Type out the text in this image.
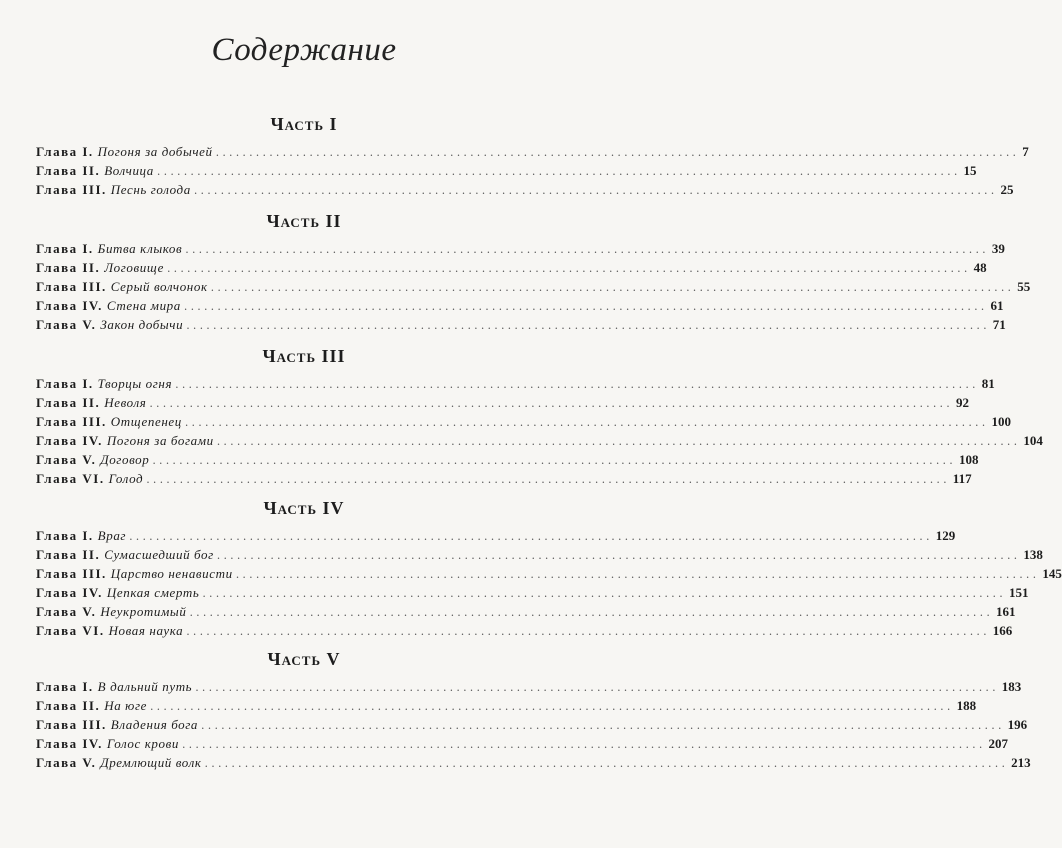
Содержание
Часть I
Глава I. Погоня за добычей ........................................................................................................................ 7
Глава II. Волчица ........................................................................................................................ 15
Глава III. Песнь голода ........................................................................................................................ 25
Часть II
Глава I. Битва клыков ........................................................................................................................ 39
Глава II. Логовище ........................................................................................................................ 48
Глава III. Серый волчонок ........................................................................................................................ 55
Глава IV. Стена мира ........................................................................................................................ 61
Глава V. Закон добычи ........................................................................................................................ 71
Часть III
Глава I. Творцы огня ........................................................................................................................ 81
Глава II. Неволя ........................................................................................................................ 92
Глава III. Отщепенец ........................................................................................................................ 100
Глава IV. Погоня за богами ........................................................................................................................ 104
Глава V. Договор ........................................................................................................................ 108
Глава VI. Голод ........................................................................................................................ 117
Часть IV
Глава I. Враг ........................................................................................................................ 129
Глава II. Сумасшедший бог ........................................................................................................................ 138
Глава III. Царство ненависти ........................................................................................................................ 145
Глава IV. Цепкая смерть ........................................................................................................................ 151
Глава V. Неукротимый ........................................................................................................................ 161
Глава VI. Новая наука ........................................................................................................................ 166
Часть V
Глава I. В дальний путь ........................................................................................................................ 183
Глава II. На юге ........................................................................................................................ 188
Глава III. Владения бога ........................................................................................................................ 196
Глава IV. Голос крови ........................................................................................................................ 207
Глава V. Дремлющий волк ........................................................................................................................ 213
